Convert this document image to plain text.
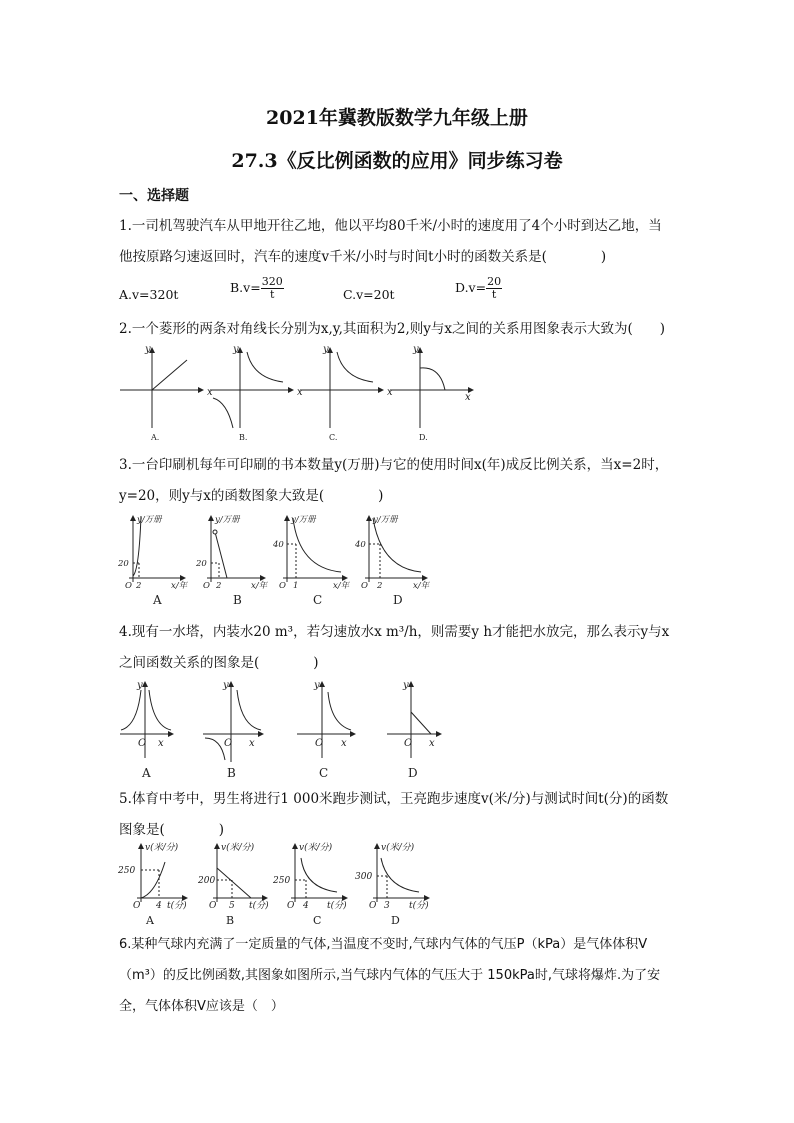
2021年冀教版数学九年级上册
27.3《反比例函数的应用》同步练习卷
一、选择题
1.一司机驾驶汽车从甲地开往乙地，他以平均80千米/小时的速度用了4个小时到达乙地，当
他按原路匀速返回时，汽车的速度v千米/小时与时间t小时的函数关系是(　　　　)
A.v=320t	$B.v= \frac{320}{t}$	C.v=20t	$D.v= \frac{20}{t}$
2.一个菱形的两条对角线长分别为x,y,其面积为2,则y与x之间的关系用图象表示大致为(　　)
y
x
y
x
y
x
y
x
A.	B.	C.	D.
3.一台印刷机每年可印刷的书本数量y(万册)与它的使用时间x(年)成反比例关系，当x=2时，
y=20，则y与x的函数图象大致是(　　　　)
y/万册
x/年
O
20
2
y/万册
x/年
O
20
2
y/万册
x/年
O
40
1
y/万册
x/年
O
40
2
A	B	C	D
4.现有一水塔，内装水20 m³，若匀速放水x m³/h，则需要y h才能把水放完，那么表示y与x
之间函数关系的图象是(　　　　)
y
O x
y
O x
y
O x
y
O x
A	B	C	D
5.体育中考中，男生将进行1 000米跑步测试，王亮跑步速度v(米/分)与测试时间t(分)的函数
图象是(　　　　)
v(米/分)
t(分)
O
250
4
v(米/分)
t(分)
O
200
5
v(米/分)
t(分)
O
250
4
v(米/分)
t(分)
O
300
3
A	B	C	D
6.某种气球内充满了一定质量的气体,当温度不变时,气球内气体的气压P（kPa）是气体体积V
（m³）的反比例函数,其图象如图所示,当气球内气体的气压大于 150kPa时,气球将爆炸.为了安
全，气体体积V应该是（　）
